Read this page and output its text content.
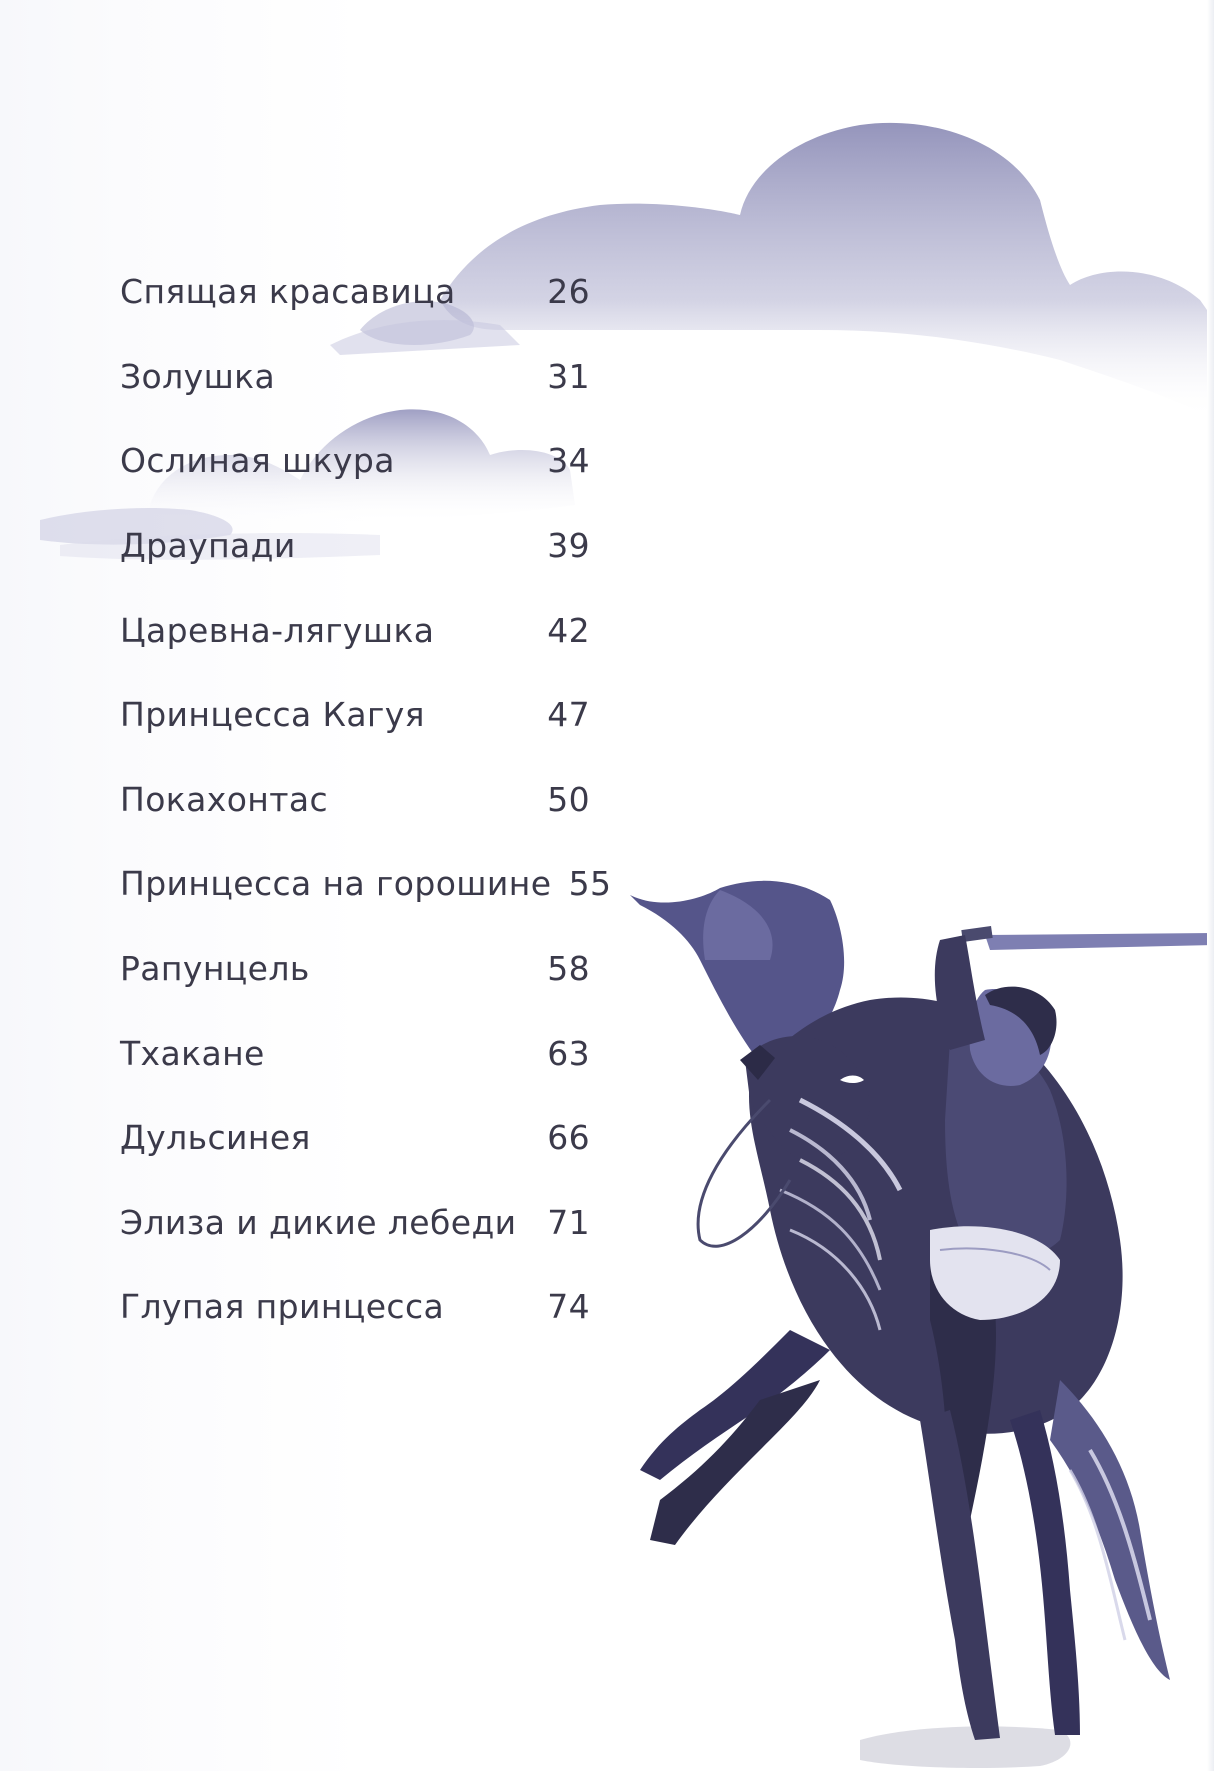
Спящая красавица	26
Золушка	31
Ослиная шкура	34
Драупади	39
Царевна-лягушка	42
Принцесса Кагуя	47
Покахонтас	50
Принцесса на горошине 55
Рапунцель	58
Тхакане	63
Дульсинея	66
Элиза и дикие лебеди 71
Глупая принцесса	74
